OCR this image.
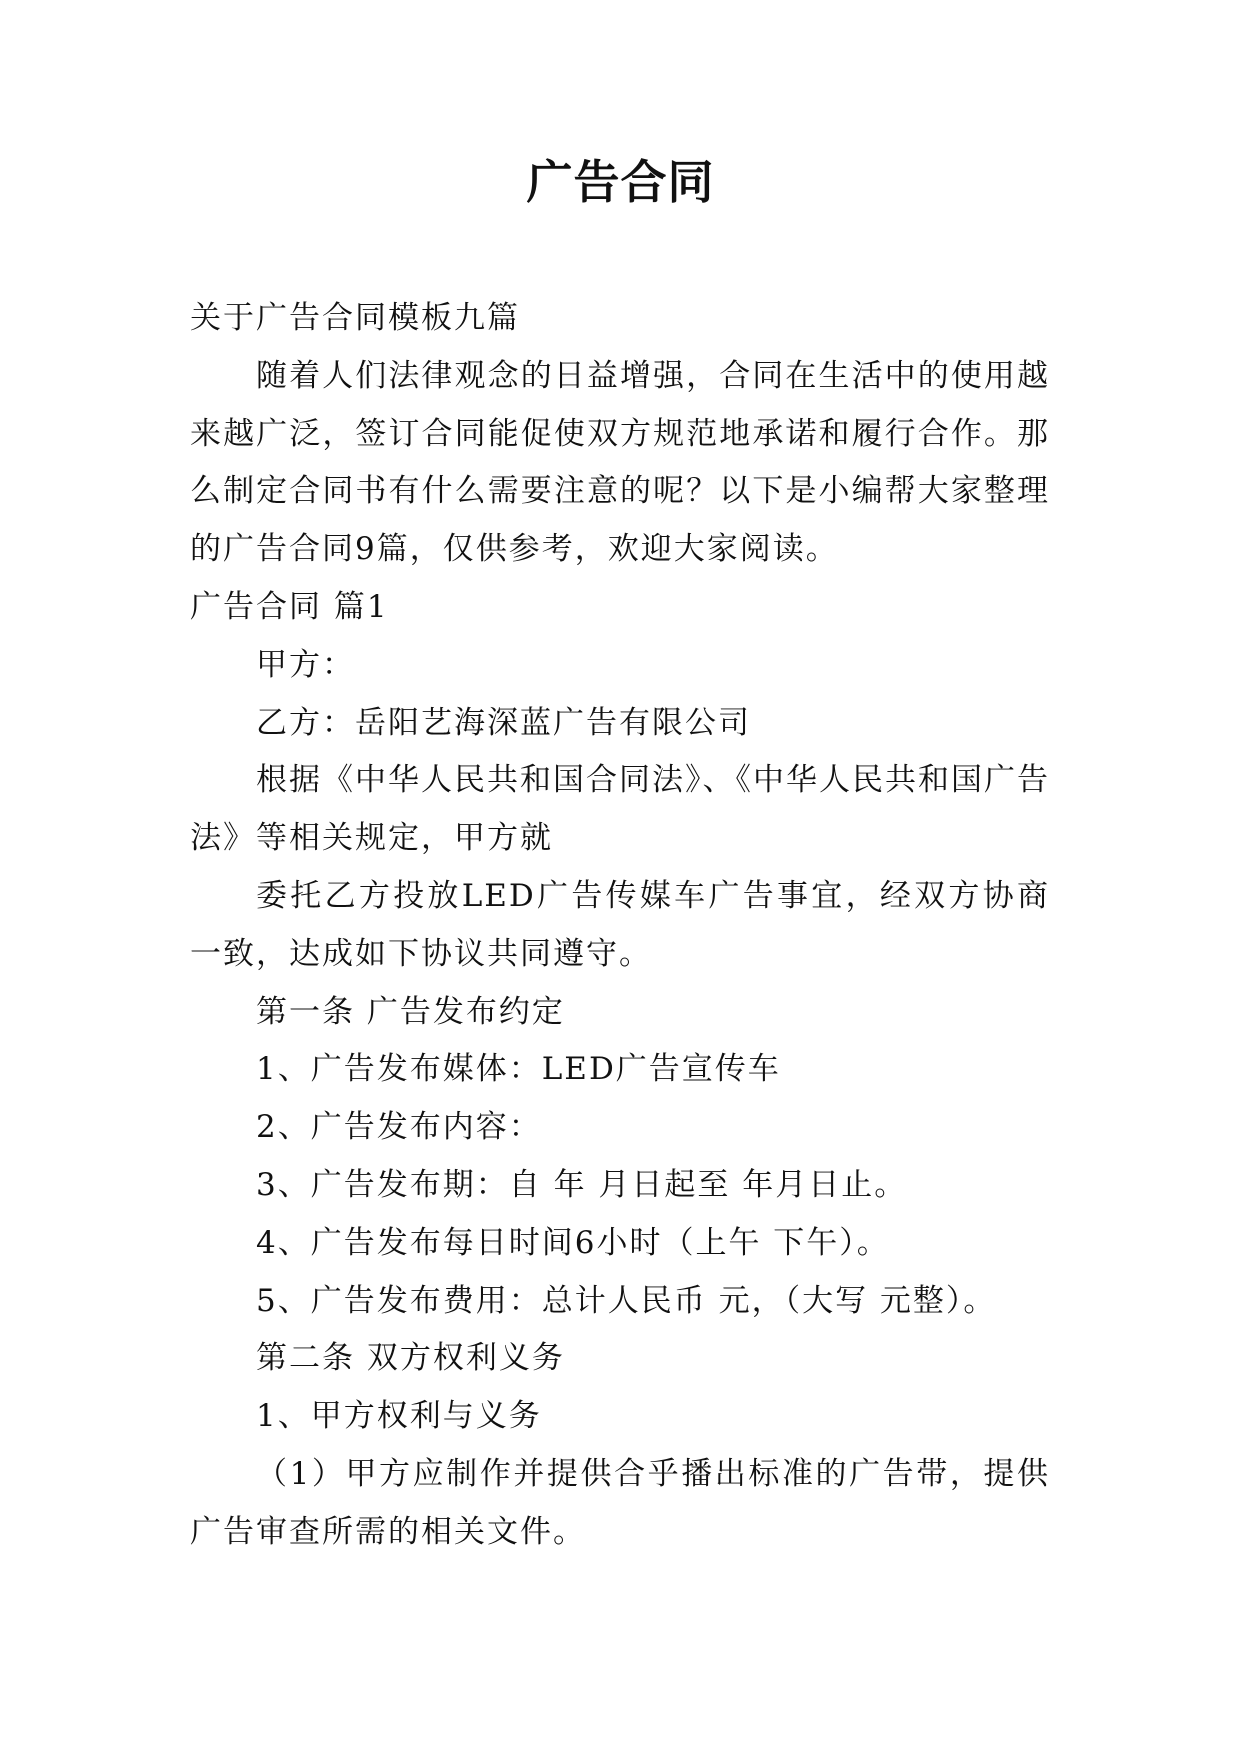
广告合同

关于广告合同模板九篇

随着人们法律观念的日益增强，合同在生活中的使用越来越广泛，签订合同能促使双方规范地承诺和履行合作。那么制定合同书有什么需要注意的呢？以下是小编帮大家整理的广告合同9篇，仅供参考，欢迎大家阅读。

广告合同 篇1

甲方：

乙方：岳阳艺海深蓝广告有限公司

根据《中华人民共和国合同法》、《中华人民共和国广告法》等相关规定，甲方就

委托乙方投放LED广告传媒车广告事宜，经双方协商一致，达成如下协议共同遵守。

第一条 广告发布约定

1、广告发布媒体：LED广告宣传车

2、广告发布内容：

3、广告发布期：自 年 月日起至 年月日止。

4、广告发布每日时间6小时（上午 下午）。

5、广告发布费用：总计人民币 元，（大写 元整）。

第二条 双方权利义务

1、甲方权利与义务

（1）甲方应制作并提供合乎播出标准的广告带，提供广告审查所需的相关文件。
